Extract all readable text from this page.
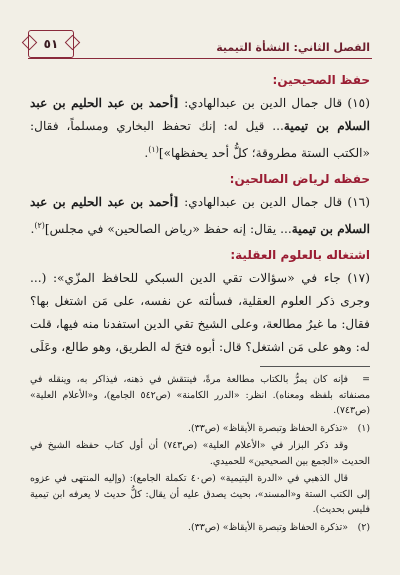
الفصل الثاني: النشأة التيمية
٥١
حفظ الصحيحين:

(١٥) قال جمال الدين بن عبدالهادي: [أحمد بن عبد الحليم بن عبد السلام بن تيمية... قيل له: إنك تحفظ البخاري ومسلماً، فقال: «الكتب الستة مطروقة؛ كلُّ أحد يحفظها»]$^{(١)}$.

حفظه لرياض الصالحين:

(١٦) قال جمال الدين بن عبدالهادي: [أحمد بن عبد الحليم بن عبد السلام بن تيمية... يقال: إنه حفظ «رياض الصالحين» في مجلس]$^{(٢)}$.

اشتغاله بالعلوم العقلية:

(١٧) جاء في «سؤالات تقي الدين السبكي للحافظ المزّي»: (... وجرى ذكر العلوم العقلية، فسألته عن نفسه، على مَن اشتغل بها؟ فقال: ما غيرُ مطالعة، وعلى الشيخ تقي الدين استفدنا منه فيها، قلت له: وهو على مَن اشتغل؟ قال: أبوه فتحَ له الطريق، وهو طالع، وعَلَى

=فإنه كان يمرُّ بالكتاب مطالعة مرةً، فينتقش في ذهنه، فيذاكر به، وينقله في مصنفاته بلفظه ومعناه). انظر: «الدرر الكامنة» (ص٥٤٢ الجامع)، و«الأعلام العلية» (ص٧٤٣).

(١)«تذكرة الحفاظ وتبصرة الأيقاظ» (ص٣٣).

وقد ذكر البزار في «الأعلام العلية» (ص٧٤٣) أن أول كتاب حفظه الشيخ في الحديث «الجمع بين الصحيحين» للحميدي.

قال الذهبي في «الدرة اليتيمية» (ص٤٠ تكملة الجامع): (وإليه المنتهى في عزوه إلى الكتب الستة و«المسند»، بحيث يصدق عليه أن يقال: كلُّ حديث لا يعرفه ابن تيمية فليس بحديث).

(٢)«تذكرة الحفاظ وتبصرة الأيقاظ» (ص٣٣).
